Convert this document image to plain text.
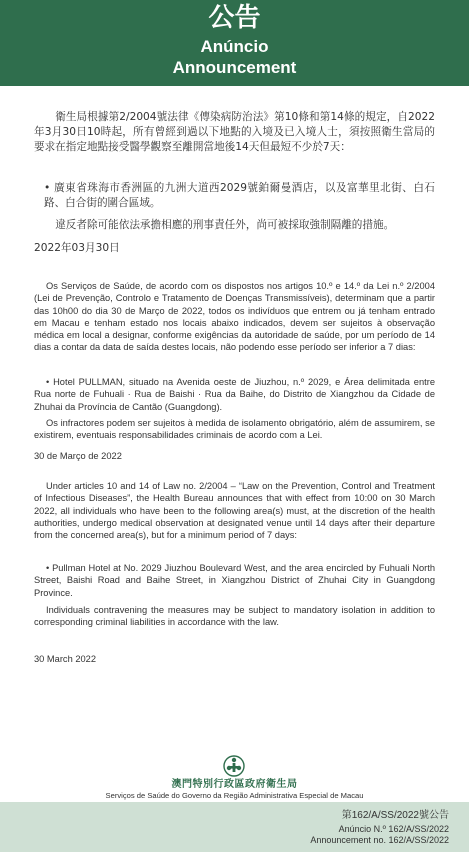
公告
Anúncio
Announcement

衛生局根據第2/2004號法律《傳染病防治法》第10條和第14條的規定，自2022年3月30日10時起，所有曾經到過以下地點的入境及已入境人士，須按照衛生當局的要求在指定地點接受醫學觀察至離開當地後14天但最短不少於7天：

• 廣東省珠海市香洲區的九洲大道西2029號鉑爾曼酒店，以及富華里北街、白石路、白合街的圍合區域。

違反者除可能依法承擔相應的刑事責任外，尚可被採取強制隔離的措施。

2022年03月30日

Os Serviços de Saúde, de acordo com os dispostos nos artigos 10.º e 14.º da Lei n.º 2/2004 (Lei de Prevenção, Controlo e Tratamento de Doenças Transmissíveis), determinam que a partir das 10h00 do dia 30 de Março de 2022, todos os indivíduos que entrem ou já tenham entrado em Macau e tenham estado nos locais abaixo indicados, devem ser sujeitos à observação médica em local a designar, conforme exigências da autoridade de saúde, por um período de 14 dias a contar da data de saída destes locais, não podendo esse período ser inferior a 7 dias:

• Hotel PULLMAN, situado na Avenida oeste de Jiuzhou, n.º 2029, e Área delimitada entre Rua norte de Fuhuali · Rua de Baishi · Rua da Baihe, do Distrito de Xiangzhou da Cidade de Zhuhai da Província de Cantão (Guangdong).

Os infractores podem ser sujeitos à medida de isolamento obrigatório, além de assumirem, se existirem, eventuais responsabilidades criminais de acordo com a Lei.

30 de Março de 2022

Under articles 10 and 14 of Law no. 2/2004 – “Law on the Prevention, Control and Treatment of Infectious Diseases”, the Health Bureau announces that with effect from 10:00 on 30 March 2022, all individuals who have been to the following area(s) must, at the discretion of the health authorities, undergo medical observation at designated venue until 14 days after their departure from the concerned area(s), but for a minimum period of 7 days:

• Pullman Hotel at No. 2029 Jiuzhou Boulevard West, and the area encircled by Fuhuali North Street, Baishi Road and Baihe Street, in Xiangzhou District of Zhuhai City in Guangdong Province.

Individuals contravening the measures may be subject to mandatory isolation in addition to corresponding criminal liabilities in accordance with the law.

30 March 2022

澳門特別行政區政府衛生局
Serviços de Saúde do Governo da Região Administrativa Especial de Macau
第162/A/SS/2022號公告
Anúncio N.º 162/A/SS/2022
Announcement no. 162/A/SS/2022
